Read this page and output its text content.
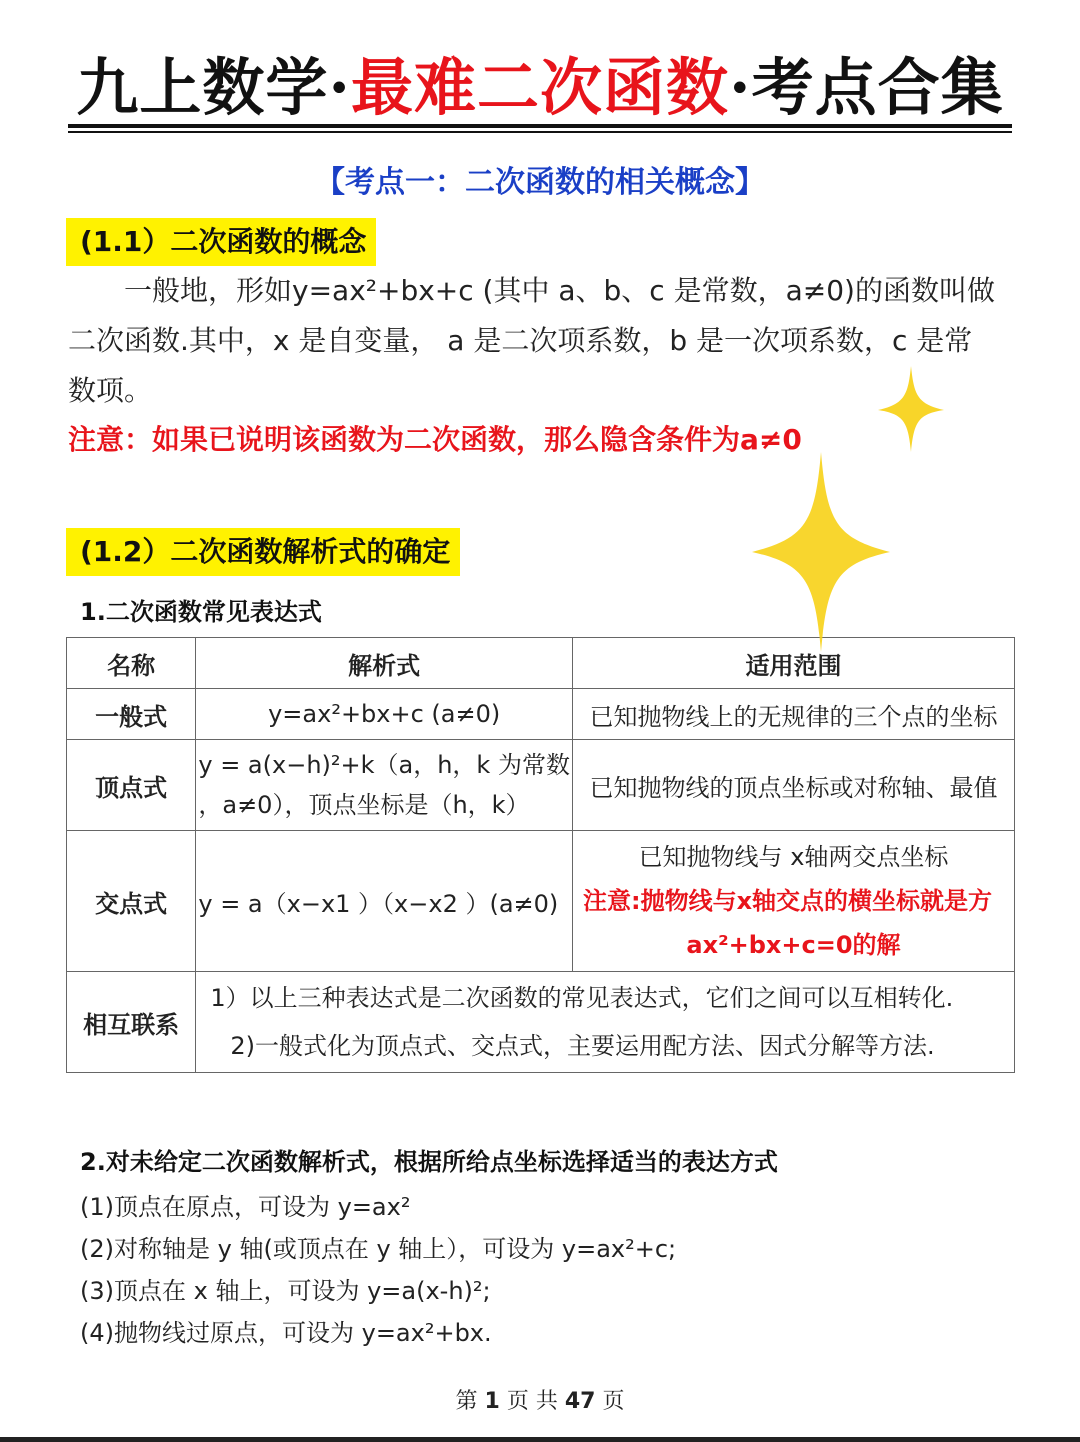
九上数学·最难二次函数·考点合集
【考点一：二次函数的相关概念】
(1.1）二次函数的概念
一般地，形如y=ax²+bx+c (其中 a、b、c 是常数，a≠0)的函数叫做
二次函数.其中，x 是自变量， a 是二次项系数，b 是一次项系数，c 是常
数项。
注意：如果已说明该函数为二次函数，那么隐含条件为a≠0
(1.2）二次函数解析式的确定
1.二次函数常见表达式
名称	解析式	适用范围
一般式	y=ax²+bx+c (a≠0)	已知抛物线上的无规律的三个点的坐标
顶点式	y = a(x−h)²+k（a，h，k 为常数
，a≠0），顶点坐标是（h，k）	已知抛物线的顶点坐标或对称轴、最值
交点式	y = a（x−x1 ）（x−x2 ）(a≠0)	已知抛物线与 x轴两交点坐标
注意:抛物线与x轴交点的横坐标就是方
ax²+bx+c=0的解

相互联系	1）以上三种表达式是二次函数的常见表达式，它们之间可以互相转化.
2)一般式化为顶点式、交点式，主要运用配方法、因式分解等方法.	
2.对未给定二次函数解析式，根据所给点坐标选择适当的表达方式
(1)顶点在原点，可设为 y=ax²
(2)对称轴是 y 轴(或顶点在 y 轴上），可设为 y=ax²+c;
(3)顶点在 x 轴上，可设为 y=a(x-h)²;
(4)抛物线过原点，可设为 y=ax²+bx.
第 1 页 共 47 页
